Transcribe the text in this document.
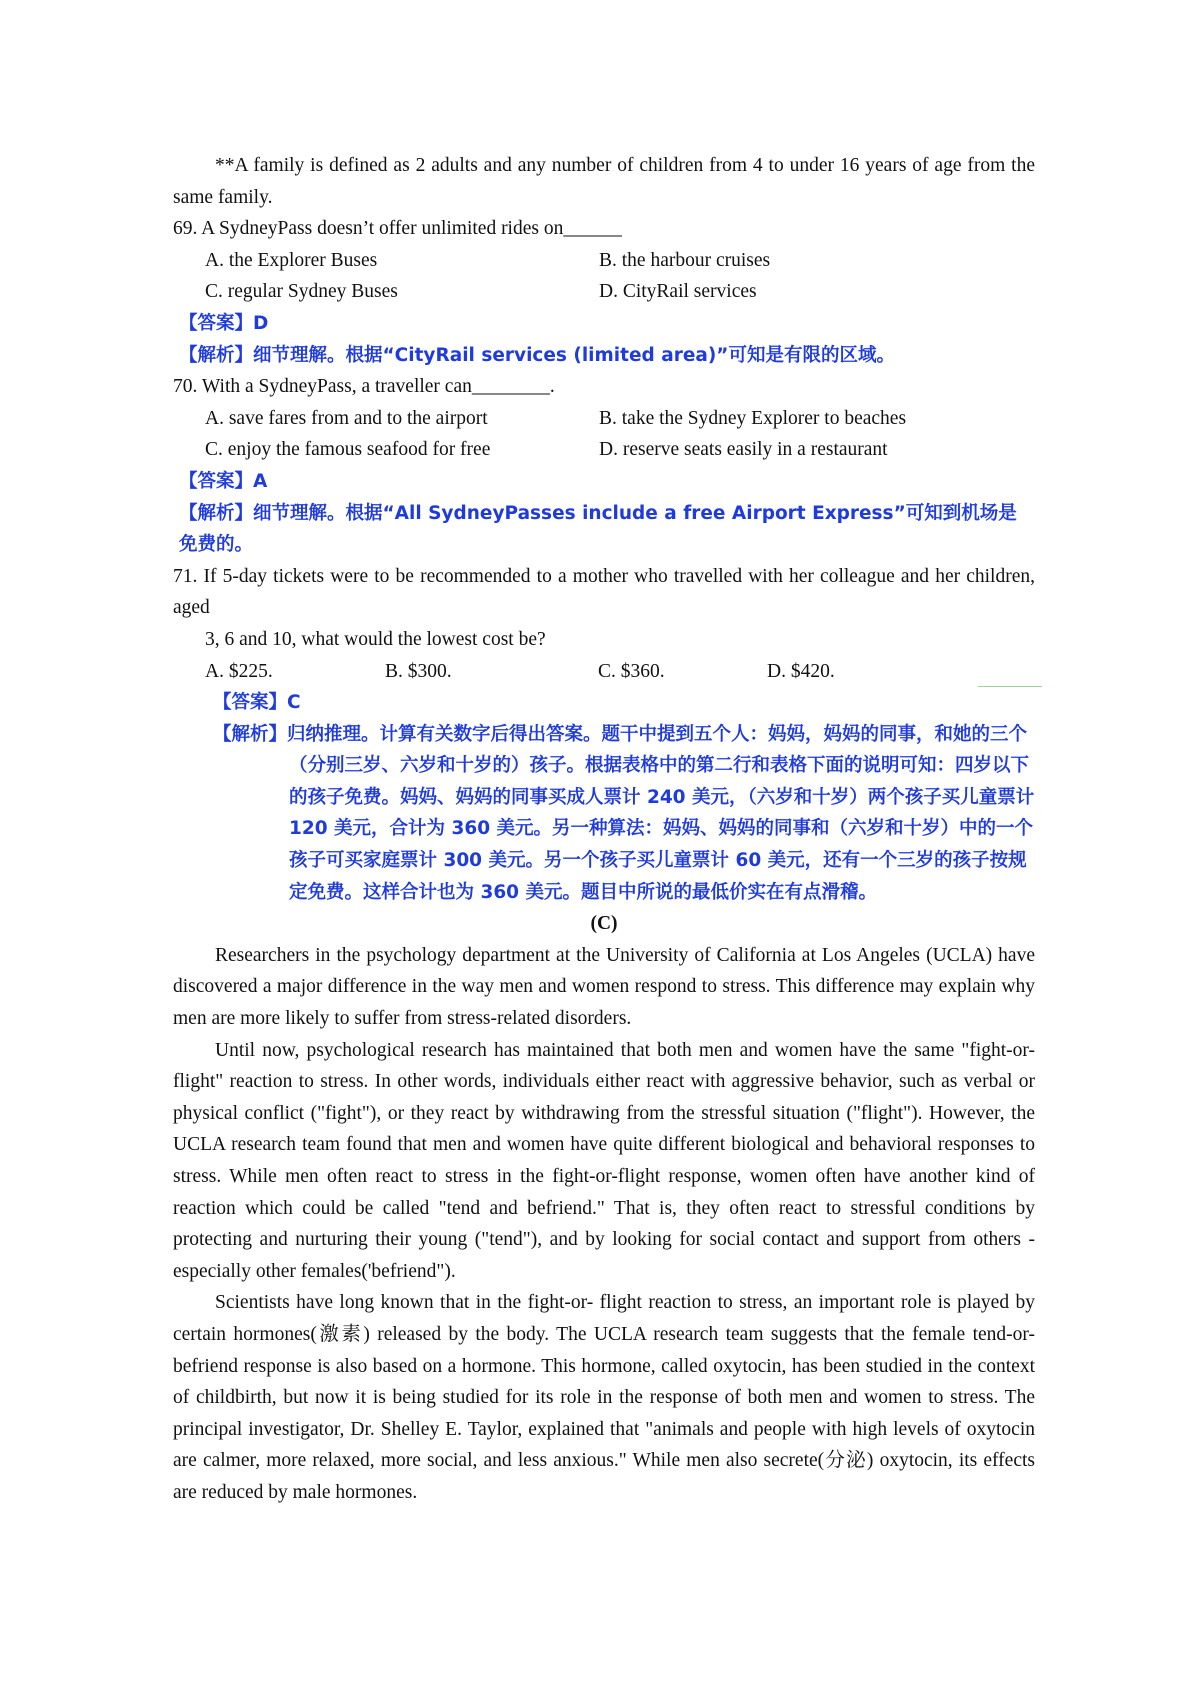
**A family is defined as 2 adults and any number of children from 4 to under 16 years of age from the same family.

69. A SydneyPass doesn’t offer unlimited rides on______

A. the Explorer Buses	B. the harbour cruises
C. regular Sydney Buses	D. CityRail services

【答案】D

【解析】细节理解。根据“CityRail services (limited area)”可知是有限的区域。

70. With a SydneyPass, a traveller can________.

A. save fares from and to the airport	B. take the Sydney Explorer to beaches
C. enjoy the famous seafood for free	D. reserve seats easily in a restaurant

【答案】A

【解析】细节理解。根据“All SydneyPasses include a free Airport Express”可知到机场是免费的。

71. If 5-day tickets were to be recommended to a mother who travelled with her colleague and her children, aged

3, 6 and 10, what would the lowest cost be?

A. $225.	B. $300.	C. $360.	D. $420.

【答案】C

【解析】归纳推理。计算有关数字后得出答案。题干中提到五个人：妈妈，妈妈的同事，和她的三个（分别三岁、六岁和十岁的）孩子。根据表格中的第二行和表格下面的说明可知：四岁以下的孩子免费。妈妈、妈妈的同事买成人票计 240 美元，（六岁和十岁）两个孩子买儿童票计 120 美元，合计为 360 美元。另一种算法：妈妈、妈妈的同事和（六岁和十岁）中的一个孩子可买家庭票计 300 美元。另一个孩子买儿童票计 60 美元，还有一个三岁的孩子按规定免费。这样合计也为 360 美元。题目中所说的最低价实在有点滑稽。

(C)

Researchers in the psychology department at the University of California at Los Angeles (UCLA) have discovered a major difference in the way men and women respond to stress. This difference may explain why men are more likely to suffer from stress-related disorders.

Until now, psychological research has maintained that both men and women have the same "fight-or-flight" reaction to stress. In other words, individuals either react with aggressive behavior, such as verbal or physical conflict ("fight"), or they react by withdrawing from the stressful situation ("flight"). However, the UCLA research team found that men and women have quite different biological and behavioral responses to stress. While men often react to stress in the fight-or-flight response, women often have another kind of reaction which could be called "tend and befriend." That is, they often react to stressful conditions by protecting and nurturing their young ("tend"), and by looking for social contact and support from others - especially other females('befriend").

Scientists have long known that in the fight-or- flight reaction to stress, an important role is played by certain hormones(激素) released by the body. The UCLA research team suggests that the female tend-or-befriend response is also based on a hormone. This hormone, called oxytocin, has been studied in the context of childbirth, but now it is being studied for its role in the response of both men and women to stress. The principal investigator, Dr. Shelley E. Taylor, explained that "animals and people with high levels of oxytocin are calmer, more relaxed, more social, and less anxious." While men also secrete(分泌) oxytocin, its effects are reduced by male hormones.
